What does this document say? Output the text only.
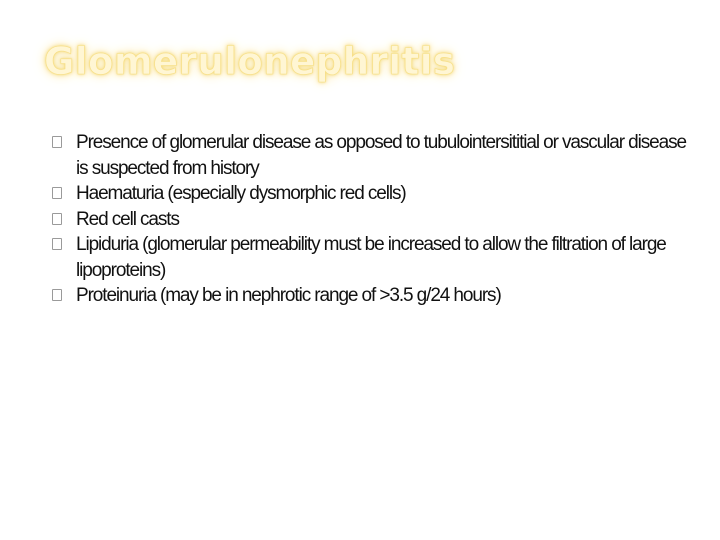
Glomerulonephritis
Presence of glomerular disease as opposed to tubulointersititial or vascular disease is suspected from history
Haematuria (especially dysmorphic red cells)
Red cell casts
Lipiduria (glomerular permeability must be increased to allow the filtration of large lipoproteins)
Proteinuria (may be in nephrotic range of >3.5 g/24 hours)
